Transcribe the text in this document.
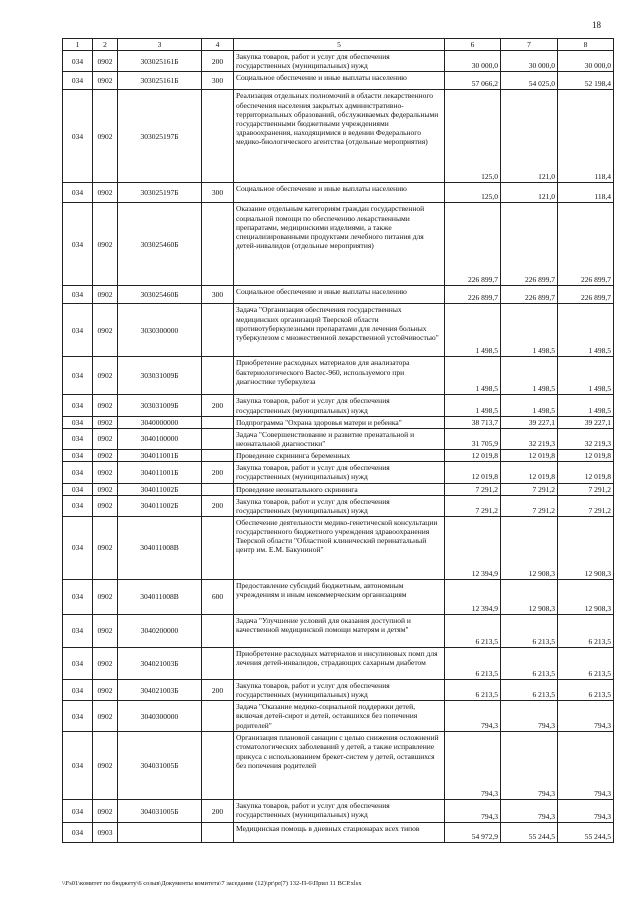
18
1	2	3	4	5	6	7	8
034	0902	303025161Б	200	Закупка товаров, работ и услуг для обеспечения государственных (муниципальных) нужд	30 000,0	30 000,0	30 000,0
034	0902	303025161Б	300	Социальное обеспечение и иные выплаты населению	57 066,2	54 025,0	52 198,4
034	0902	303025197Б		Реализация отдельных полномочий в области лекарственного обеспечения населения закрытых административно-территориальных образований, обслуживаемых федеральными государственными бюджетными учреждениями здравоохранения, находящимися в ведении Федерального медико-биологического агентства (отдельные мероприятия)	125,0	121,0	118,4
034	0902	303025197Б	300	Социальное обеспечение и иные выплаты населению	125,0	121,0	118,4
034	0902	303025460Б		Оказание отдельным категориям граждан государственной социальной помощи по обеспечению лекарственными препаратами, медицинскими изделиями, а также специализированными продуктами лечебного питания для детей-инвалидов (отдельные мероприятия)	226 899,7	226 899,7	226 899,7
034	0902	303025460Б	300	Социальное обеспечение и иные выплаты населению	226 899,7	226 899,7	226 899,7
034	0902	3030300000		Задача "Организация обеспечения государственных медицинских организаций Тверской области противотуберкулезными препаратами для лечения больных туберкулезом с множественной лекарственной устойчивостью"	1 498,5	1 498,5	1 498,5
034	0902	303031009Б		Приобретение расходных материалов для анализатора бактериологического Bactec-960, используемого при диагностике туберкулеза	1 498,5	1 498,5	1 498,5
034	0902	303031009Б	200	Закупка товаров, работ и услуг для обеспечения государственных (муниципальных) нужд	1 498,5	1 498,5	1 498,5
034	0902	3040000000		Подпрограмма "Охрана здоровья матери и ребенка"	38 713,7	39 227,1	39 227,1
034	0902	3040100000		Задача "Совершенствование и развитие пренатальной и неонатальной диагностики"	31 705,9	32 219,3	32 219,3
034	0902	304011001Б		Проведение скрининга беременных	12 019,8	12 019,8	12 019,8
034	0902	304011001Б	200	Закупка товаров, работ и услуг для обеспечения государственных (муниципальных) нужд	12 019,8	12 019,8	12 019,8
034	0902	304011002Б		Проведение неонатального скрининга	7 291,2	7 291,2	7 291,2
034	0902	304011002Б	200	Закупка товаров, работ и услуг для обеспечения государственных (муниципальных) нужд	7 291,2	7 291,2	7 291,2
034	0902	304011008В		Обеспечение деятельности медико-генетической консультации государственного бюджетного учреждения здравоохранения Тверской области "Областной клинический перинатальный центр им. Е.М. Бакуниной"	12 394,9	12 908,3	12 908,3
034	0902	304011008В	600	Предоставление субсидий бюджетным, автономным учреждениям и иным некоммерческим организациям	12 394,9	12 908,3	12 908,3
034	0902	3040200000		Задача "Улучшение условий для оказания доступной и качественной медицинской помощи матерям и детям"	6 213,5	6 213,5	6 213,5
034	0902	304021003Б		Приобретение расходных материалов и инсулиновых помп для лечения детей-инвалидов, страдающих сахарным диабетом	6 213,5	6 213,5	6 213,5
034	0902	304021003Б	200	Закупка товаров, работ и услуг для обеспечения государственных (муниципальных) нужд	6 213,5	6 213,5	6 213,5
034	0902	3040300000		Задача "Оказание медико-социальной поддержки детей, включая детей-сирот и детей, оставшихся без попечения родителей"	794,3	794,3	794,3
034	0902	304031005Б		Организация плановой санации с целью снижения осложнений стоматологических заболеваний у детей, а также исправление прикуса с использованием брекет-систем у детей, оставшихся без попечения родителей	794,3	794,3	794,3
034	0902	304031005Б	200	Закупка товаров, работ и услуг для обеспечения государственных (муниципальных) нужд	794,3	794,3	794,3
034	0903			Медицинская помощь в дневных стационарах всех типов	54 972,9	55 244,5	55 244,5
\\Fs01\комитет по бюджету\6 созыв\Документы комитета\7 заседание (12)\pr\pr(7) 132-П-6\Прил 11 ВСР.xlsx
